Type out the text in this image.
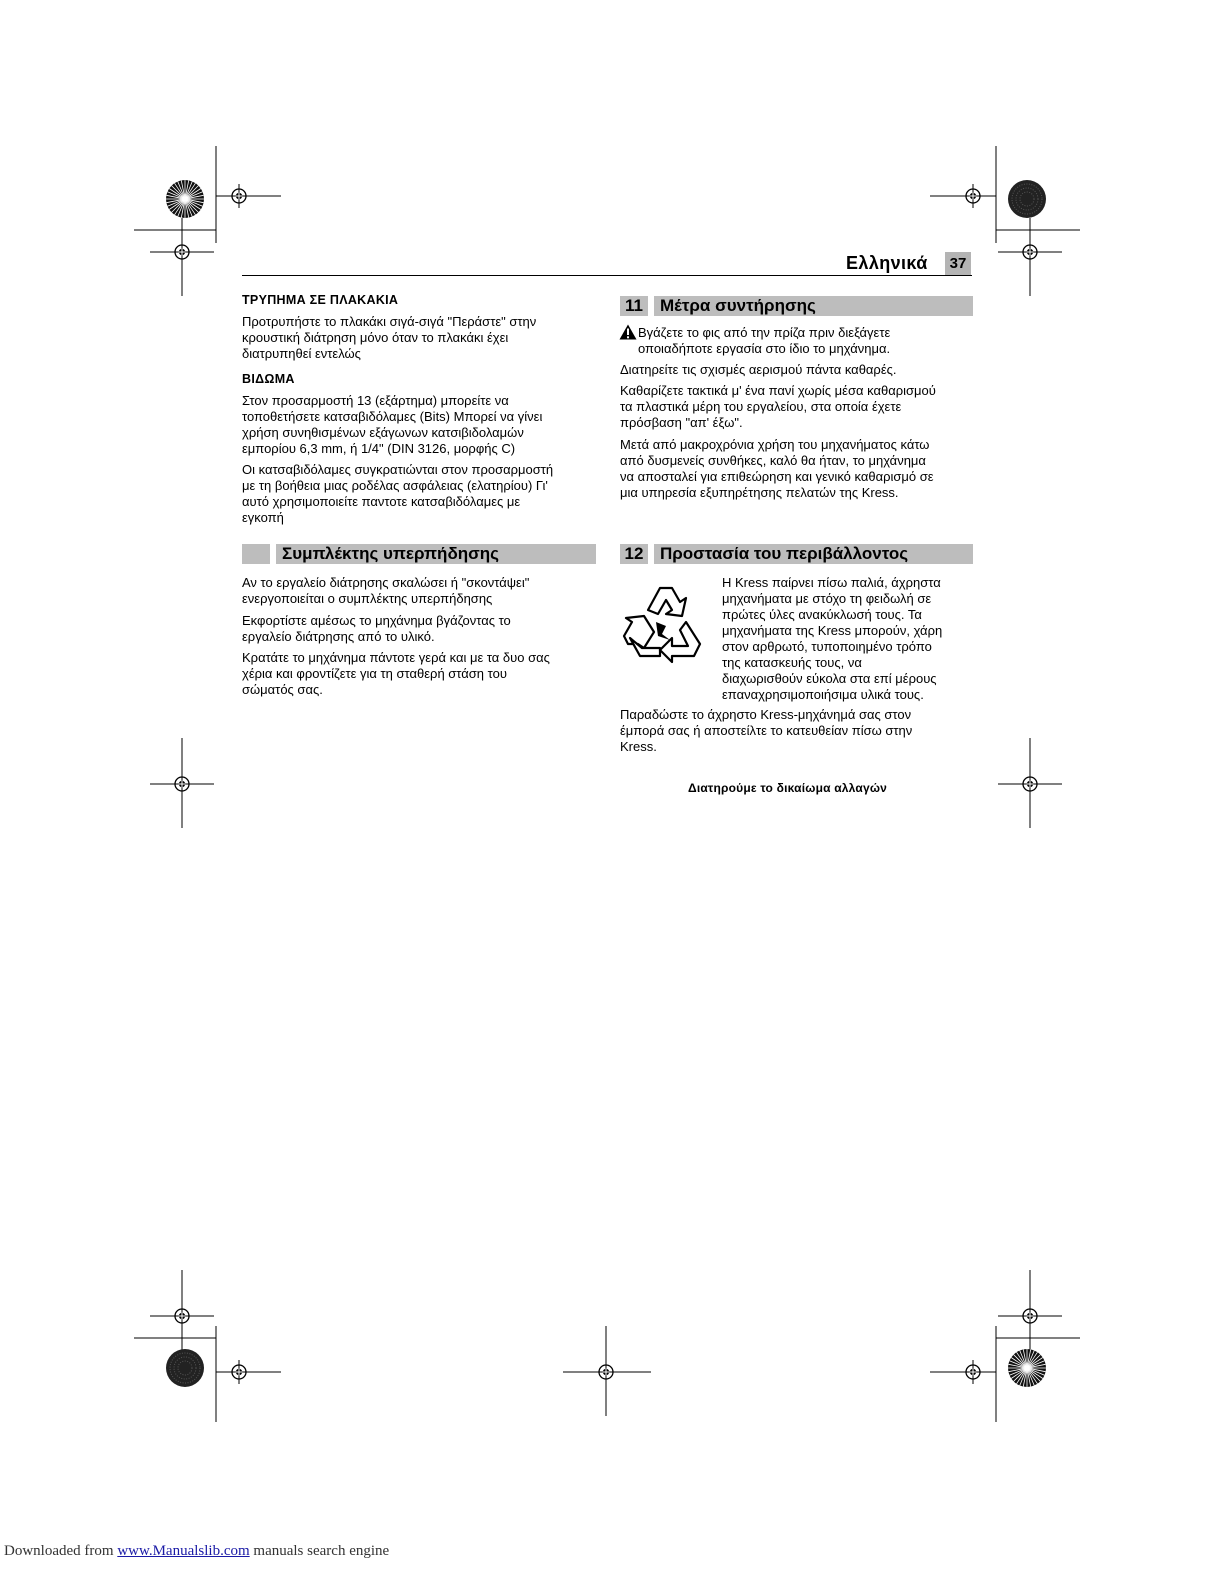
Ελληνικά	37
ΤΡΥΠΗΜΑ ΣΕ ΠΛΑΚΑΚΙΑ
Προτρυπήστε το πλακάκι σιγά-σιγά "Περάστε" στην
κρουστική διάτρηση μόνο όταν το πλακάκι έχει
διατρυπηθεί εντελώς
ΒΙΔΩΜΑ
Στον προσαρμοστή 13 (εξάρτημα) μπορείτε να
τοποθετήσετε κατσαβιδόλαμες (Bits) Μπορεί να γίνει
χρήση συνηθισμένων εξάγωνων κατσιβιδολαμών
εμπορίου 6,3 mm, ή 1/4" (DIN 3126, μορφής C)
Οι κατσαβιδόλαμες συγκρατιώνται στον προσαρμοστή
με τη βοήθεια μιας ροδέλας ασφάλειας (ελατηρίου) Γι'
αυτό χρησιμοποιείτε παντοτε κατσαβιδόλαμες με
εγκοπή
Συμπλέκτης υπερπήδησης
Αν το εργαλείο διάτρησης σκαλώσει ή "σκοντάψει"
ενεργοποιείται ο συμπλέκτης υπερπήδησης
Εκφορτίστε αμέσως το μηχάνημα βγάζοντας το
εργαλείο διάτρησης από το υλικό.
Κρατάτε το μηχάνημα πάντοτε γερά και με τα δυο σας
χέρια και φροντίζετε για τη σταθερή στάση του
σώματός σας.
11	Μέτρα συντήρησης
Βγάζετε το φις από την πρίζα πριν διεξάγετε
οποιαδήποτε εργασία στο ίδιο το μηχάνημα.
Διατηρείτε τις σχισμές αερισμού πάντα καθαρές.
Καθαρίζετε τακτικά μ' ένα πανί χωρίς μέσα καθαρισμού
τα πλαστικά μέρη του εργαλείου, στα οποία έχετε
πρόσβαση "απ' έξω".
Μετά από μακροχρόνια χρήση του μηχανήματος κάτω
από δυσμενείς συνθήκες, καλό θα ήταν, το μηχάνημα
να αποσταλεί για επιθεώρηση και γενικό καθαρισμό σε
μια υπηρεσία εξυπηρέτησης πελατών της Kress.
12 Προστασία του περιβάλλοντος
Η Kress παίρνει πίσω παλιά, άχρηστα
μηχανήματα με στόχο τη φειδωλή σε
πρώτες ύλες ανακύκλωσή τους. Τα
μηχανήματα της Kress μπορούν, χάρη
στον αρθρωτό, τυποποιημένο τρόπο
της κατασκευής τους, να
διαχωρισθούν εύκολα στα επί μέρους
επαναχρησιμοποιήσιμα υλικά τους.
Παραδώστε το άχρηστο Kress-μηχάνημά σας στον
έμπορά σας ή αποστείλτε το κατευθείαν πίσω στην
Kress.
Διατηρούμε το δικαίωμα αλλαγών
Downloaded from www.Manualslib.com manuals search engine
